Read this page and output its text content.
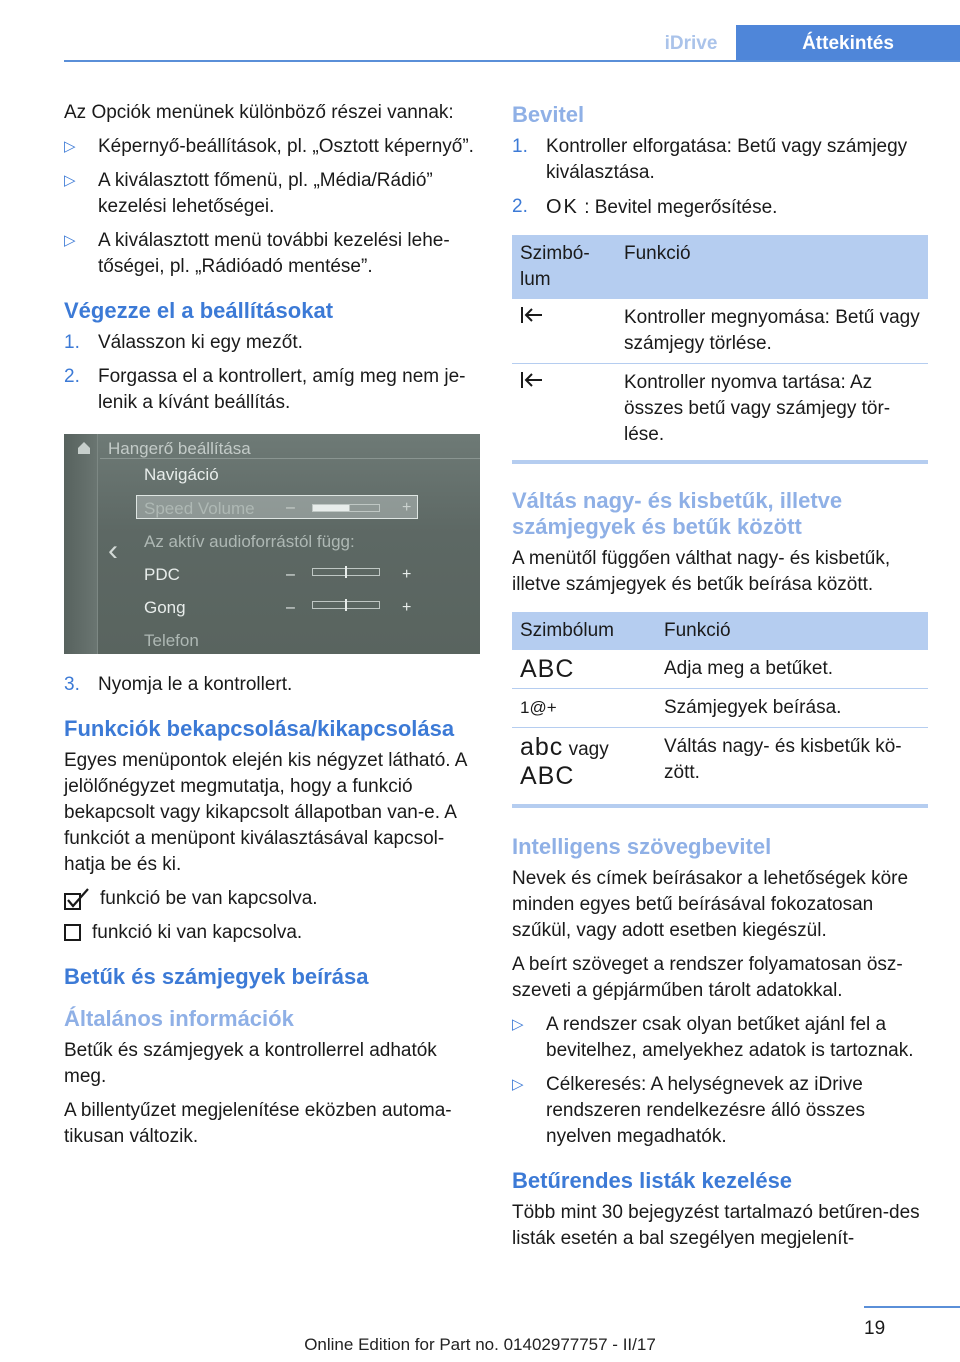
iDrive	Áttekintés

Az Opciók menünek különböző részei vannak:

▷ Képernyő-beállítások, pl. „Osztott képernyő”.
▷ A kiválasztott főmenü, pl. „Média/Rádió” kezelési lehetőségei.
▷ A kiválasztott menü további kezelési lehe-tőségei, pl. „Rádióadó mentése”.
Végezze el a beállításokat
1. Válasszon ki egy mezőt.
2. Forgassa el a kontrollert, amíg meg nem je-lenik a kívánt beállítás.
Hangerő beállítása
‹
Navigáció
Speed Volume –	+
Az aktív audioforrástól függ:
PDC	–	+
Gong	–	+
Telefon
3. Nyomja le a kontrollert.
Funkciók bekapcsolása/kikapcsolása

Egyes menüpontok elején kis négyzet látható. A jelölőnégyzet megmutatja, hogy a funkció bekapcsolt vagy kikapcsolt állapotban van-e. A funkciót a menüpont kiválasztásával kapcsol-hatja be és ki.

funkció be van kapcsolva.
funkció ki van kapcsolva.
Betűk és számjegyek beírása
Általános információk

Betűk és számjegyek a kontrollerrel adhatók meg.

A billentyűzet megjelenítése eközben automa-tikusan változik.

Bevitel
1. Kontroller elforgatása: Betű vagy számjegy kiválasztása.
2. OK : Bevitel megerősítése.
Szimbó-lum	Funkció
	Kontroller megnyomása: Betű vagy számjegy törlése.
	Kontroller nyomva tartása: Az összes betű vagy számjegy tör-lése.
Váltás nagy- és kisbetűk, illetve számjegyek és betűk között

A menütől függően válthat nagy- és kisbetűk, illetve számjegyek és betűk beírása között.

Szimbólum	Funkció
ABC	Adja meg a betűket.
1@+	Számjegyek beírása.
abc vagy
ABC	Váltás nagy- és kisbetűk kö-zött.
Intelligens szövegbevitel

Nevek és címek beírásakor a lehetőségek köre minden egyes betű beírásával fokozatosan szűkül, vagy adott esetben kiegészül.

A beírt szöveget a rendszer folyamatosan ösz-szeveti a gépjárműben tárolt adatokkal.

▷ A rendszer csak olyan betűket ajánl fel a bevitelhez, amelyekhez adatok is tartoznak.
▷ Célkeresés: A helységnevek az iDrive rendszeren rendelkezésre álló összes nyelven megadhatók.
Betűrendes listák kezelése

Több mint 30 bejegyzést tartalmazó betűren-des listák esetén a bal szegélyen megjelenít-

19
Online Edition for Part no. 01402977757 - II/17
